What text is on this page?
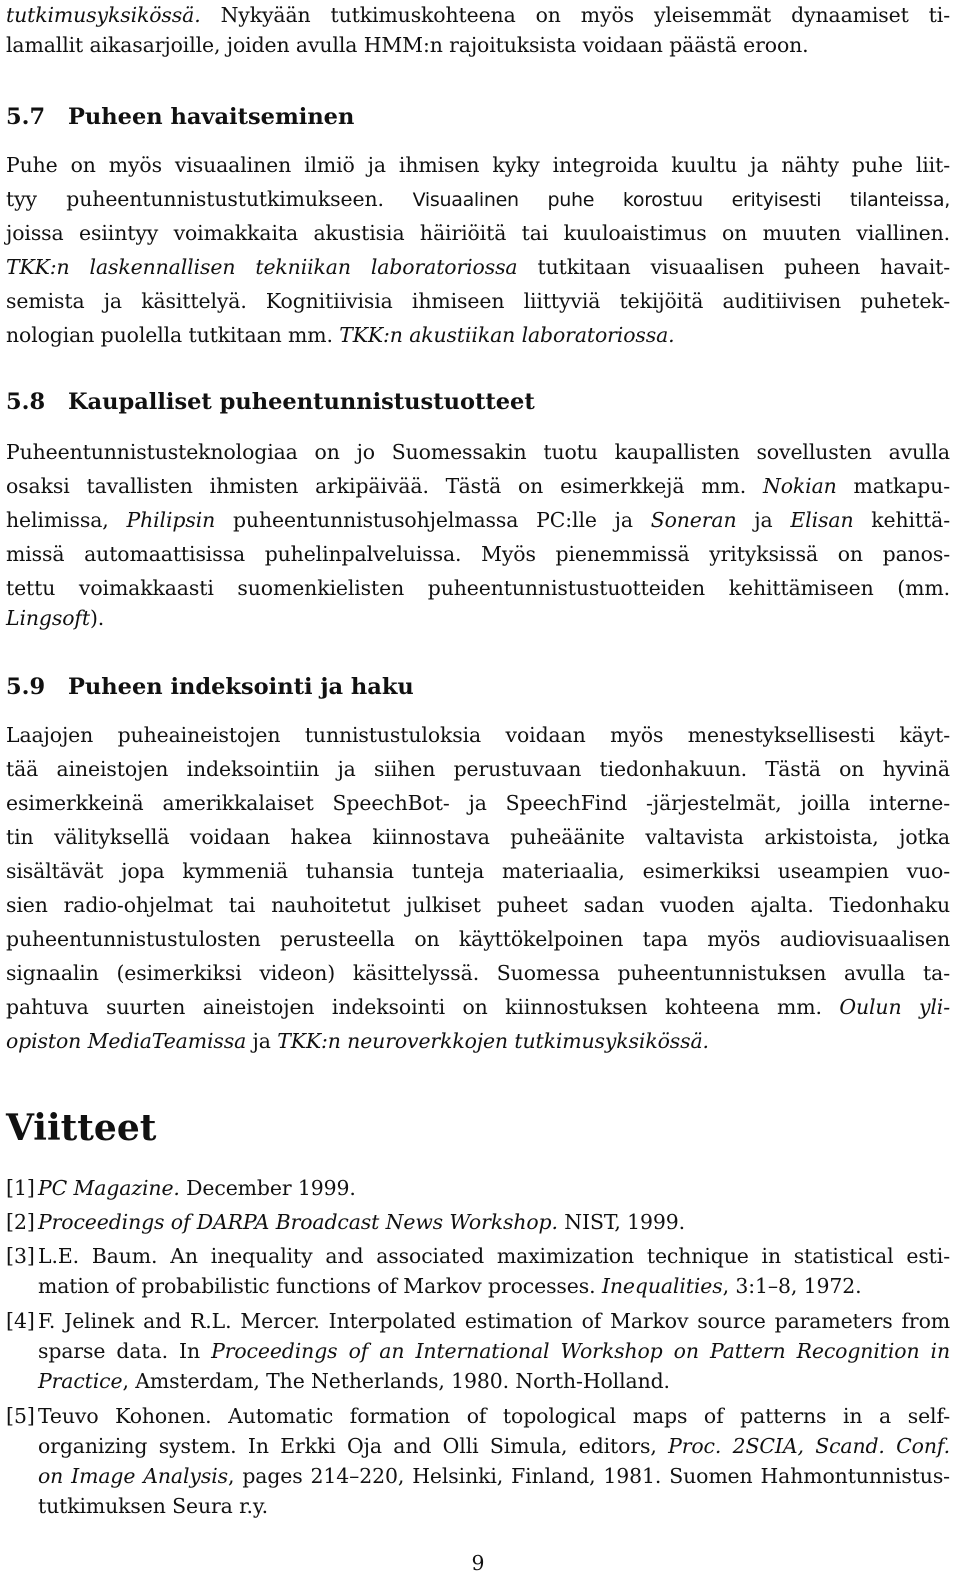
tutkimusyksikössä. Nykyään tutkimuskohteena on myös yleisemmät dynaamiset ti-
lamallit aikasarjoille, joiden avulla HMM:n rajoituksista voidaan päästä eroon.
5.7 Puheen havaitseminen
Puhe on myös visuaalinen ilmiö ja ihmisen kyky integroida kuultu ja nähty puhe liit-
tyy puheentunnistustutkimukseen. Visuaalinen puhe korostuu erityisesti tilanteissa,
joissa esiintyy voimakkaita akustisia häiriöitä tai kuuloaistimus on muuten viallinen.
TKK:n laskennallisen tekniikan laboratoriossa tutkitaan visuaalisen puheen havait-
semista ja käsittelyä. Kognitiivisia ihmiseen liittyviä tekijöitä auditiivisen puhetek-
nologian puolella tutkitaan mm. TKK:n akustiikan laboratoriossa.
5.8 Kaupalliset puheentunnistustuotteet
Puheentunnistusteknologiaa on jo Suomessakin tuotu kaupallisten sovellusten avulla
osaksi tavallisten ihmisten arkipäivää. Tästä on esimerkkejä mm. Nokian matkapu-
helimissa, Philipsin puheentunnistusohjelmassa PC:lle ja Soneran ja Elisan kehittä-
missä automaattisissa puhelinpalveluissa. Myös pienemmissä yrityksissä on panos-
tettu voimakkaasti suomenkielisten puheentunnistustuotteiden kehittämiseen (mm.
Lingsoft).
5.9 Puheen indeksointi ja haku
Laajojen puheaineistojen tunnistustuloksia voidaan myös menestyksellisesti käyt-
tää aineistojen indeksointiin ja siihen perustuvaan tiedonhakuun. Tästä on hyvinä
esimerkkeinä amerikkalaiset SpeechBot- ja SpeechFind -järjestelmät, joilla interne-
tin välityksellä voidaan hakea kiinnostava puheäänite valtavista arkistoista, jotka
sisältävät jopa kymmeniä tuhansia tunteja materiaalia, esimerkiksi useampien vuo-
sien radio-ohjelmat tai nauhoitetut julkiset puheet sadan vuoden ajalta. Tiedonhaku
puheentunnistustulosten perusteella on käyttökelpoinen tapa myös audiovisuaalisen
signaalin (esimerkiksi videon) käsittelyssä. Suomessa puheentunnistuksen avulla ta-
pahtuva suurten aineistojen indeksointi on kiinnostuksen kohteena mm. Oulun yli-
opiston MediaTeamissa ja TKK:n neuroverkkojen tutkimusyksikössä.
Viitteet
[1] PC Magazine. December 1999.
[2] Proceedings of DARPA Broadcast News Workshop. NIST, 1999.
[3] L.E. Baum. An inequality and associated maximization technique in statistical esti-
mation of probabilistic functions of Markov processes. Inequalities, 3:1–8, 1972.
[4] F. Jelinek and R.L. Mercer. Interpolated estimation of Markov source parameters from
sparse data. In Proceedings of an International Workshop on Pattern Recognition in
Practice, Amsterdam, The Netherlands, 1980. North-Holland.
[5] Teuvo Kohonen. Automatic formation of topological maps of patterns in a self-
organizing system. In Erkki Oja and Olli Simula, editors, Proc. 2SCIA, Scand. Conf.
on Image Analysis, pages 214–220, Helsinki, Finland, 1981. Suomen Hahmontunnistus-
tutkimuksen Seura r.y.
9
